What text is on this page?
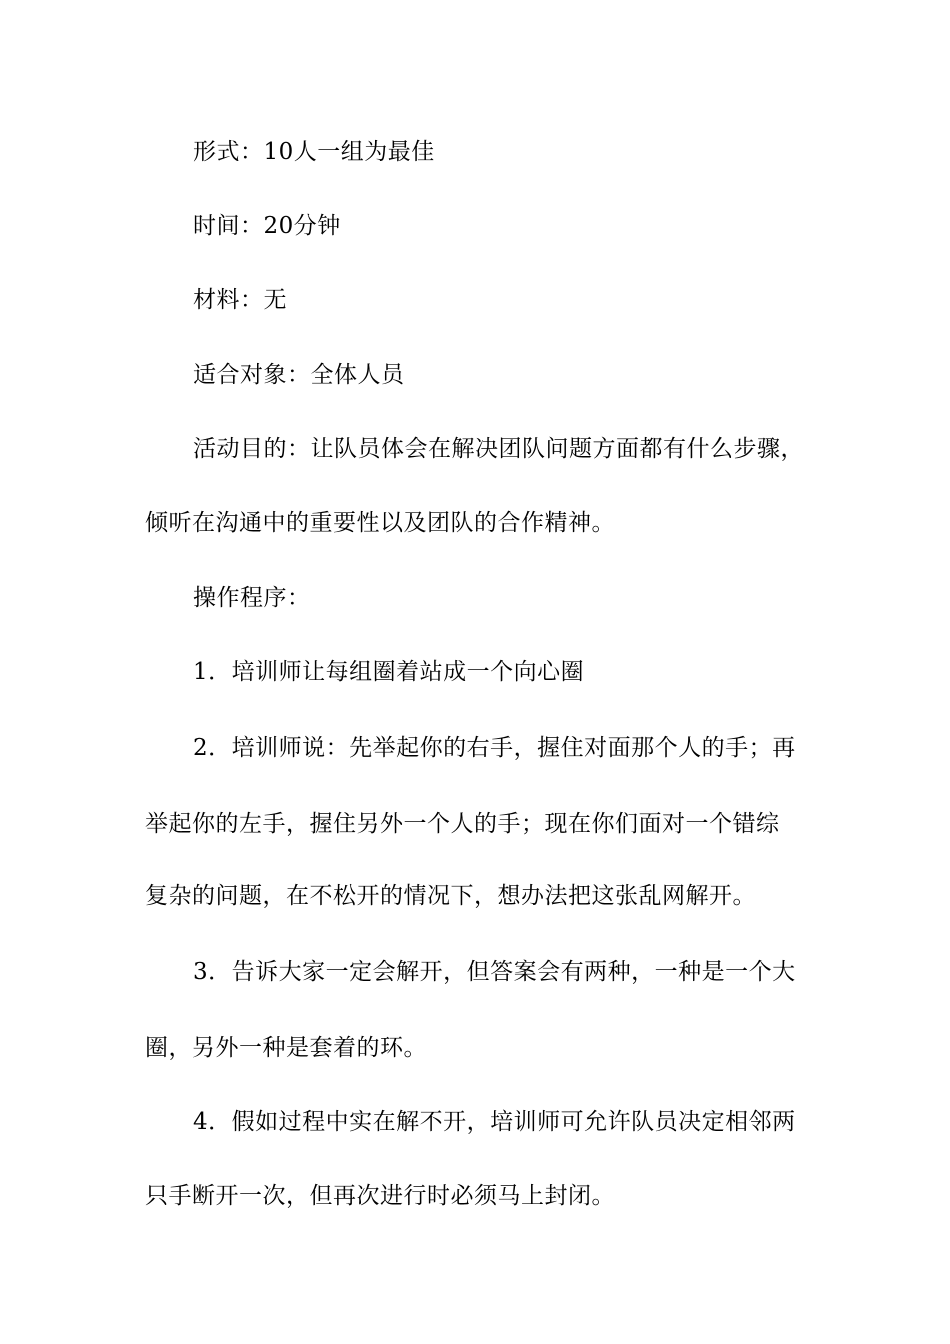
形式：10人一组为最佳
时间：20分钟
材料：无
适合对象：全体人员
活动目的：让队员体会在解决团队问题方面都有什么步骤，
倾听在沟通中的重要性以及团队的合作精神。
操作程序：
1．培训师让每组圈着站成一个向心圈
2．培训师说：先举起你的右手，握住对面那个人的手；再
举起你的左手，握住另外一个人的手；现在你们面对一个错综
复杂的问题，在不松开的情况下，想办法把这张乱网解开。
3．告诉大家一定会解开，但答案会有两种，一种是一个大
圈，另外一种是套着的环。
4．假如过程中实在解不开，培训师可允许队员决定相邻两
只手断开一次，但再次进行时必须马上封闭。
